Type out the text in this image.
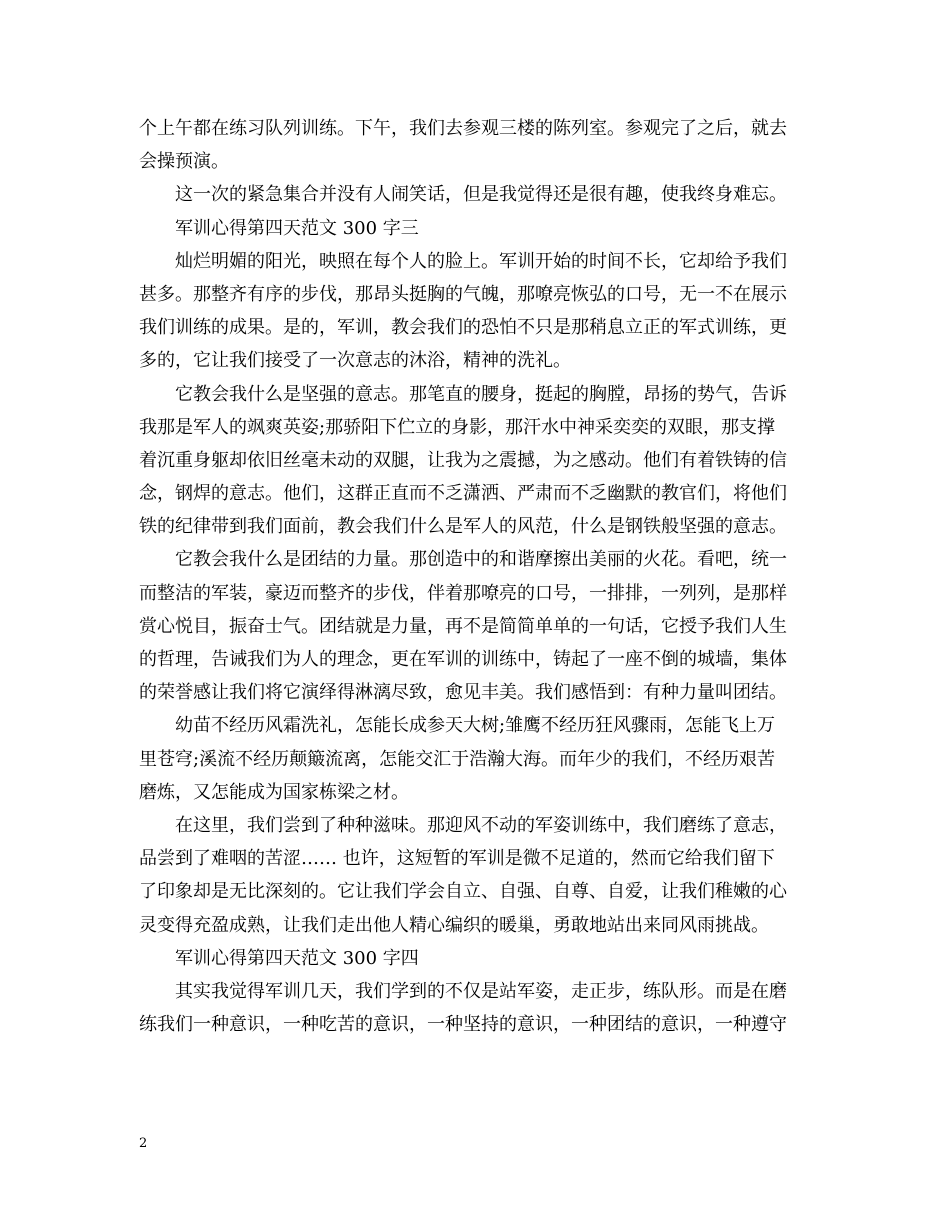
个上午都在练习队列训练。下午，我们去参观三楼的陈列室。参观完了之后，就去
会操预演。
这一次的紧急集合并没有人闹笑话，但是我觉得还是很有趣，使我终身难忘。
军训心得第四天范文 300 字三
灿烂明媚的阳光，映照在每个人的脸上。军训开始的时间不长，它却给予我们
甚多。那整齐有序的步伐，那昂头挺胸的气魄，那嘹亮恢弘的口号，无一不在展示
我们训练的成果。是的，军训，教会我们的恐怕不只是那稍息立正的军式训练，更
多的，它让我们接受了一次意志的沐浴，精神的洗礼。
它教会我什么是坚强的意志。那笔直的腰身，挺起的胸膛，昂扬的势气，告诉
我那是军人的飒爽英姿;那骄阳下伫立的身影，那汗水中神采奕奕的双眼，那支撑
着沉重身躯却依旧丝毫未动的双腿，让我为之震撼，为之感动。他们有着铁铸的信
念，钢焊的意志。他们，这群正直而不乏潇洒、严肃而不乏幽默的教官们，将他们
铁的纪律带到我们面前，教会我们什么是军人的风范，什么是钢铁般坚强的意志。
它教会我什么是团结的力量。那创造中的和谐摩擦出美丽的火花。看吧，统一
而整洁的军装，豪迈而整齐的步伐，伴着那嘹亮的口号，一排排，一列列，是那样
赏心悦目，振奋士气。团结就是力量，再不是简简单单的一句话，它授予我们人生
的哲理，告诫我们为人的理念，更在军训的训练中，铸起了一座不倒的城墙，集体
的荣誉感让我们将它演绎得淋漓尽致，愈见丰美。我们感悟到：有种力量叫团结。
幼苗不经历风霜洗礼，怎能长成参天大树;雏鹰不经历狂风骤雨，怎能飞上万
里苍穹;溪流不经历颠簸流离，怎能交汇于浩瀚大海。而年少的我们，不经历艰苦
磨炼，又怎能成为国家栋梁之材。
在这里，我们尝到了种种滋味。那迎风不动的军姿训练中，我们磨练了意志，
品尝到了难咽的苦涩…… 也许，这短暂的军训是微不足道的，然而它给我们留下
了印象却是无比深刻的。它让我们学会自立、自强、自尊、自爱，让我们稚嫩的心
灵变得充盈成熟，让我们走出他人精心编织的暖巢，勇敢地站出来同风雨挑战。
军训心得第四天范文 300 字四
其实我觉得军训几天，我们学到的不仅是站军姿，走正步，练队形。而是在磨
练我们一种意识，一种吃苦的意识，一种坚持的意识，一种团结的意识，一种遵守
2
